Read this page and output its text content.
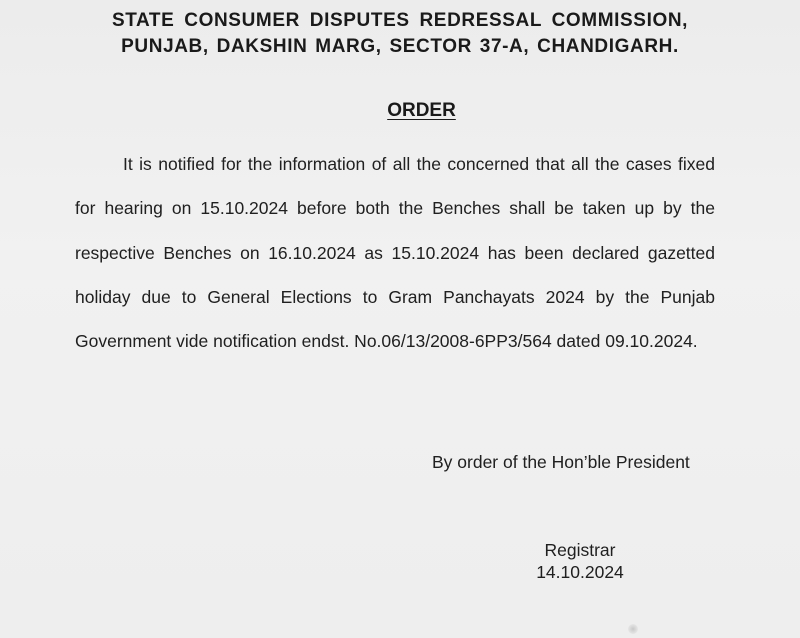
STATE CONSUMER DISPUTES REDRESSAL COMMISSION,
PUNJAB, DAKSHIN MARG, SECTOR 37-A, CHANDIGARH.
ORDER

It is notified for the information of all the concerned that all the cases fixed for hearing on 15.10.2024 before both the Benches shall be taken up by the respective Benches on 16.10.2024 as 15.10.2024 has been declared gazetted holiday due to General Elections to Gram Panchayats 2024 by the Punjab Government vide notification endst. No.06/13/2008-6PP3/564 dated 09.10.2024.

By order of the Hon’ble President
Registrar
14.10.2024
